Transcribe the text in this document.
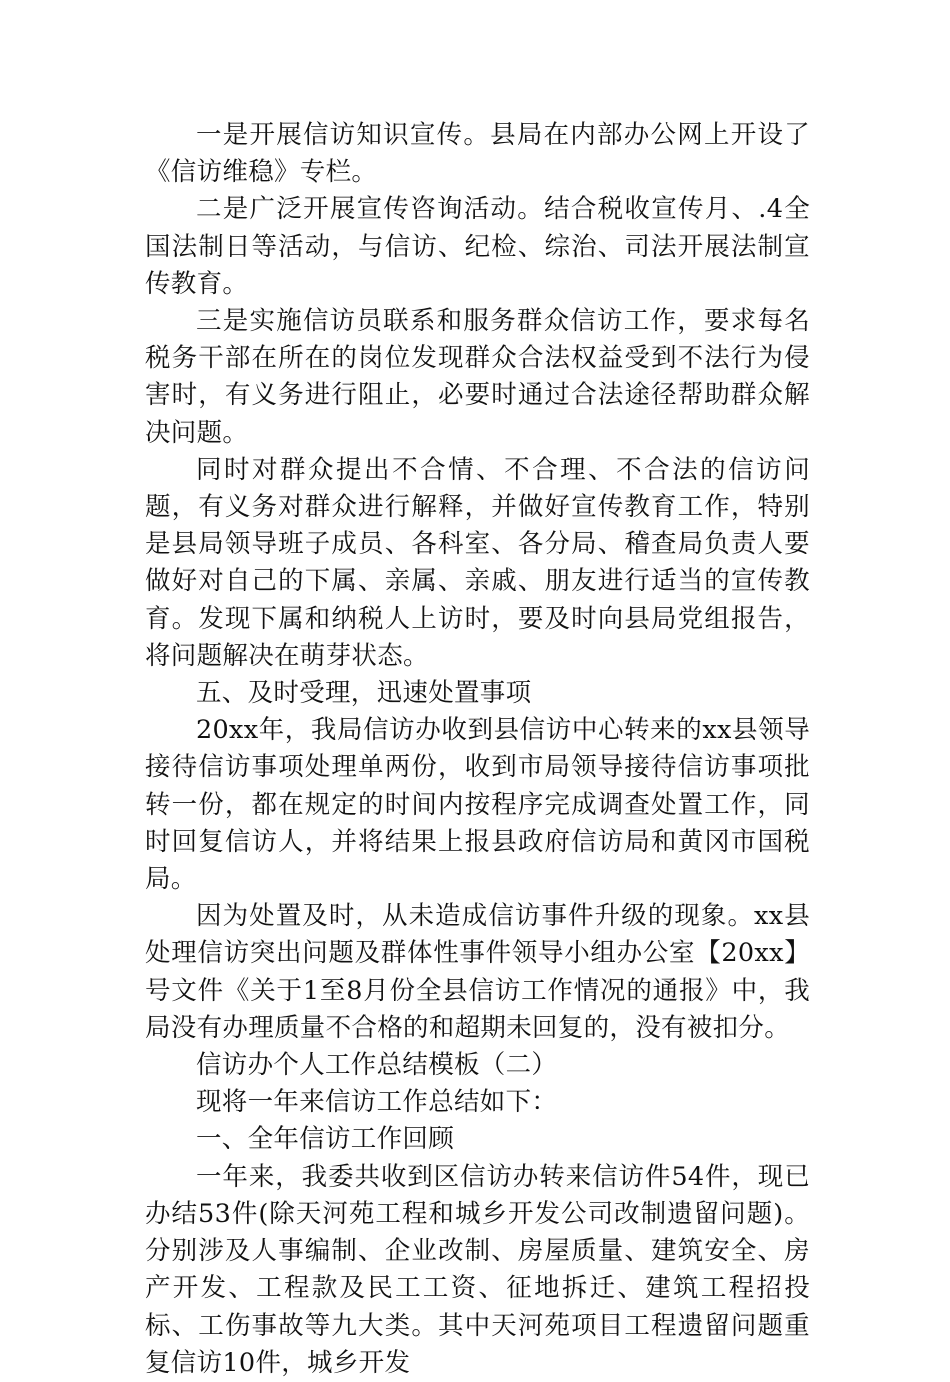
一是开展信访知识宣传。县局在内部办公网上开设了《信访维稳》专栏。

二是广泛开展宣传咨询活动。结合税收宣传月、.4全国法制日等活动，与信访、纪检、综治、司法开展法制宣传教育。

三是实施信访员联系和服务群众信访工作，要求每名税务干部在所在的岗位发现群众合法权益受到不法行为侵害时，有义务进行阻止，必要时通过合法途径帮助群众解决问题。

同时对群众提出不合情、不合理、不合法的信访问题，有义务对群众进行解释，并做好宣传教育工作，特别是县局领导班子成员、各科室、各分局、稽查局负责人要做好对自己的下属、亲属、亲戚、朋友进行适当的宣传教育。发现下属和纳税人上访时，要及时向县局党组报告，将问题解决在萌芽状态。

五、及时受理，迅速处置事项

20xx年，我局信访办收到县信访中心转来的xx县领导接待信访事项处理单两份，收到市局领导接待信访事项批转一份，都在规定的时间内按程序完成调查处置工作，同时回复信访人，并将结果上报县政府信访局和黄冈市国税局。

因为处置及时，从未造成信访事件升级的现象。xx县处理信访突出问题及群体性事件领导小组办公室【20xx】号文件《关于1至8月份全县信访工作情况的通报》中，我局没有办理质量不合格的和超期未回复的，没有被扣分。

信访办个人工作总结模板（二）

现将一年来信访工作总结如下：

一、全年信访工作回顾

一年来，我委共收到区信访办转来信访件54件，现已办结53件(除天河苑工程和城乡开发公司改制遗留问题)。分别涉及人事编制、企业改制、房屋质量、建筑安全、房产开发、工程款及民工工资、征地拆迁、建筑工程招投标、工伤事故等九大类。其中天河苑项目工程遗留问题重复信访10件，城乡开发
